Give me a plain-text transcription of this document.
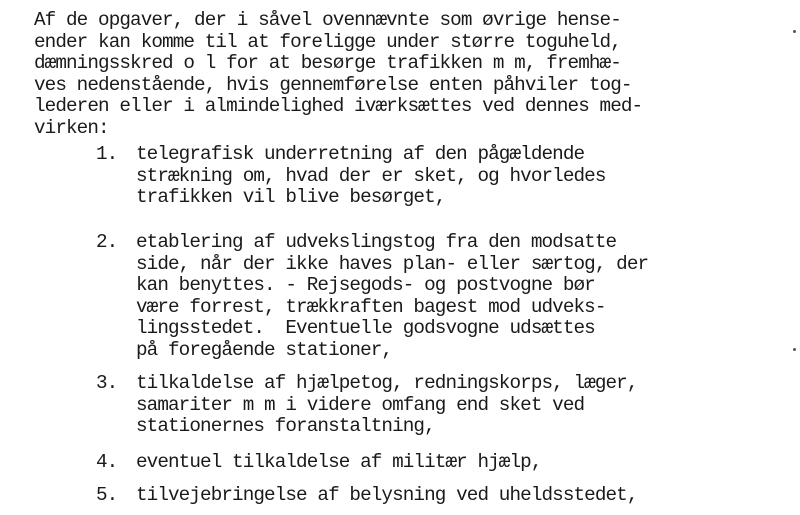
Af de opgaver, der i såvel ovennævnte som øvrige hense-
ender kan komme til at foreligge under større toguheld,
dæmningsskred o l for at besørge trafikken m m, fremhæ-
ves nedenstående, hvis gennemførelse enten påhviler tog-
lederen eller i almindelighed iværksættes ved dennes med-
virken:
1. telegrafisk underretning af den pågældende
strækning om, hvad der er sket, og hvorledes
trafikken vil blive besørget,
2. etablering af udvekslingstog fra den modsatte
side, når der ikke haves plan- eller særtog, der
kan benyttes. - Rejsegods- og postvogne bør
være forrest, trækkraften bagest mod udveks-
lingsstedet.  Eventuelle godsvogne udsættes
på foregående stationer,
3. tilkaldelse af hjælpetog, redningskorps, læger,
samariter m m i videre omfang end sket ved
stationernes foranstaltning,
4. eventuel tilkaldelse af militær hjælp,
5. tilvejebringelse af belysning ved uheldsstedet,
